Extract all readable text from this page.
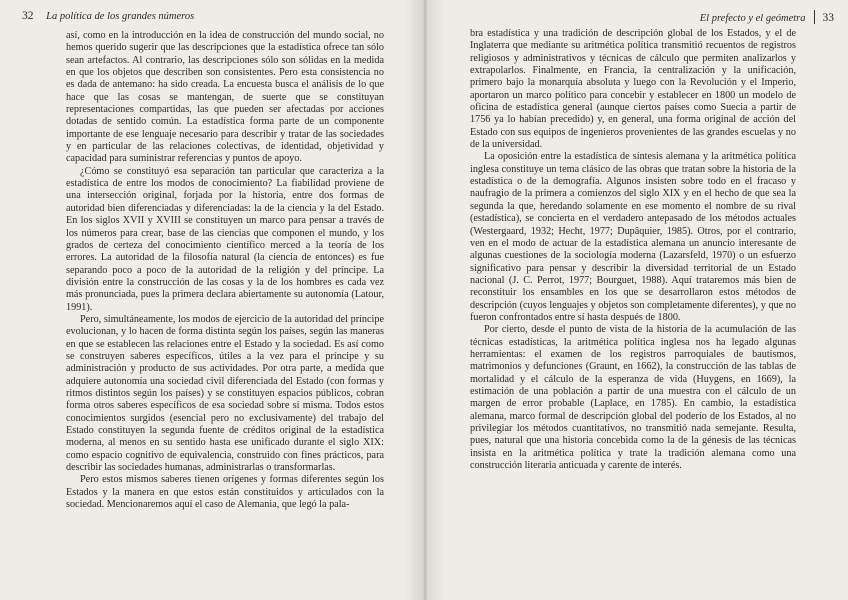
32 La política de los grandes números

así, como en la introducción en la idea de construcción del mundo social, no hemos querido sugerir que las descripciones que la estadística ofrece tan sólo sean artefactos. Al contrario, las descripciones sólo son sólidas en la medida en que los objetos que describen son consistentes. Pero esta consistencia no es dada de antemano: ha sido creada. La encuesta busca el análisis de lo que hace que las cosas se mantengan, de suerte que se constituyan representaciones compartidas, las que pueden ser afectadas por acciones dotadas de sentido común. La estadística forma parte de un componente importante de ese lenguaje necesario para describir y tratar de las sociedades y en particular de las relaciones colectivas, de identidad, objetividad y capacidad para suministrar referencias y puntos de apoyo.

¿Cómo se constituyó esa separación tan particular que caracteriza a la estadística de entre los modos de conocimiento? La fiabilidad proviene de una intersección original, forjada por la historia, entre dos formas de autoridad bien diferenciadas y diferenciadas: la de la ciencia y la del Estado. En los siglos XVII y XVIII se constituyen un marco para pensar a través de los números para crear, base de las ciencias que componen el mundo, y los grados de certeza del conocimiento científico merced a la teoría de los errores. La autoridad de la filosofía natural (la ciencia de entonces) es fue separando poco a poco de la autoridad de la religión y del príncipe. La división entre la construcción de las cosas y la de los hombres es cada vez más pronunciada, pues la primera declara abiertamente su autonomía (Latour, 1991).

Pero, simultáneamente, los modos de ejercicio de la autoridad del príncipe evolucionan, y lo hacen de forma distinta según los países, según las maneras en que se establecen las relaciones entre el Estado y la sociedad. Es así como se construyen saberes específicos, útiles a la vez para el príncipe y su administración y producto de sus actividades. Por otra parte, a medida que adquiere autonomía una sociedad civil diferenciada del Estado (con formas y ritmos distintos según los países) y se constituyen espacios públicos, cobran forma otros saberes específicos de esa sociedad sobre sí misma. Todos estos conocimientos surgidos (esencial pero no exclusivamente) del trabajo del Estado constituyen la segunda fuente de créditos original de la estadística moderna, al menos en su sentido hasta ese unificado durante el siglo XIX: como espacio cognitivo de equivalencia, construido con fines prácticos, para describir las sociedades humanas, administrarlas o transformarlas.

Pero estos mismos saberes tienen orígenes y formas diferentes según los Estados y la manera en que estos están constituidos y articulados con la sociedad. Mencionaremos aquí el caso de Alemania, que legó la pala-

El prefecto y el geómetra 33

bra estadística y una tradición de descripción global de los Estados, y el de Inglaterra que mediante su aritmética política transmitió recuentos de registros religiosos y administrativos y técnicas de cálculo que permiten analizarlos y extrapolarlos. Finalmente, en Francia, la centralización y la unificación, primero bajo la monarquía absoluta y luego con la Revolución y el Imperio, aportaron un marco político para concebir y establecer en 1800 un modelo de oficina de estadística general (aunque ciertos países como Suecia a partir de 1756 ya lo habían precedido) y, en general, una forma original de acción del Estado con sus equipos de ingenieros provenientes de las grandes escuelas y no de la universidad.

La oposición entre la estadística de síntesis alemana y la aritmética política inglesa constituye un tema clásico de las obras que tratan sobre la historia de la estadística o de la demografía. Algunos insisten sobre todo en el fracaso y naufragio de la primera a comienzos del siglo XIX y en el hecho de que sea la segunda la que, heredando solamente en ese momento el nombre de su rival (estadística), se concierta en el verdadero antepasado de los métodos actuales (Westergaard, 1932; Hecht, 1977; Dupâquier, 1985). Otros, por el contrario, ven en el modo de actuar de la estadística alemana un anuncio interesante de algunas cuestiones de la sociología moderna (Lazarsfeld, 1970) o un esfuerzo significativo para pensar y describir la diversidad territorial de un Estado nacional (J. C. Perrot, 1977; Bourguet, 1988). Aquí trataremos más bien de reconstituir los ensambles en los que se desarrollaron estos métodos de descripción (cuyos lenguajes y objetos son completamente diferentes), y que no fueron confrontados entre sí hasta después de 1800.

Por cierto, desde el punto de vista de la historia de la acumulación de las técnicas estadísticas, la aritmética política inglesa nos ha legado algunas herramientas: el examen de los registros parroquiales de bautismos, matrimonios y defunciones (Graunt, en 1662), la construcción de las tablas de mortalidad y el cálculo de la esperanza de vida (Huygens, en 1669), la estimación de una población a partir de una muestra con el cálculo de un margen de error probable (Laplace, en 1785). En cambio, la estadística alemana, marco formal de descripción global del poderío de los Estados, al no privilegiar los métodos cuantitativos, no transmitió nada semejante. Resulta, pues, natural que una historia concebida como la de la génesis de las técnicas insista en la aritmética política y trate la tradición alemana como una construcción literaria anticuada y carente de interés.
